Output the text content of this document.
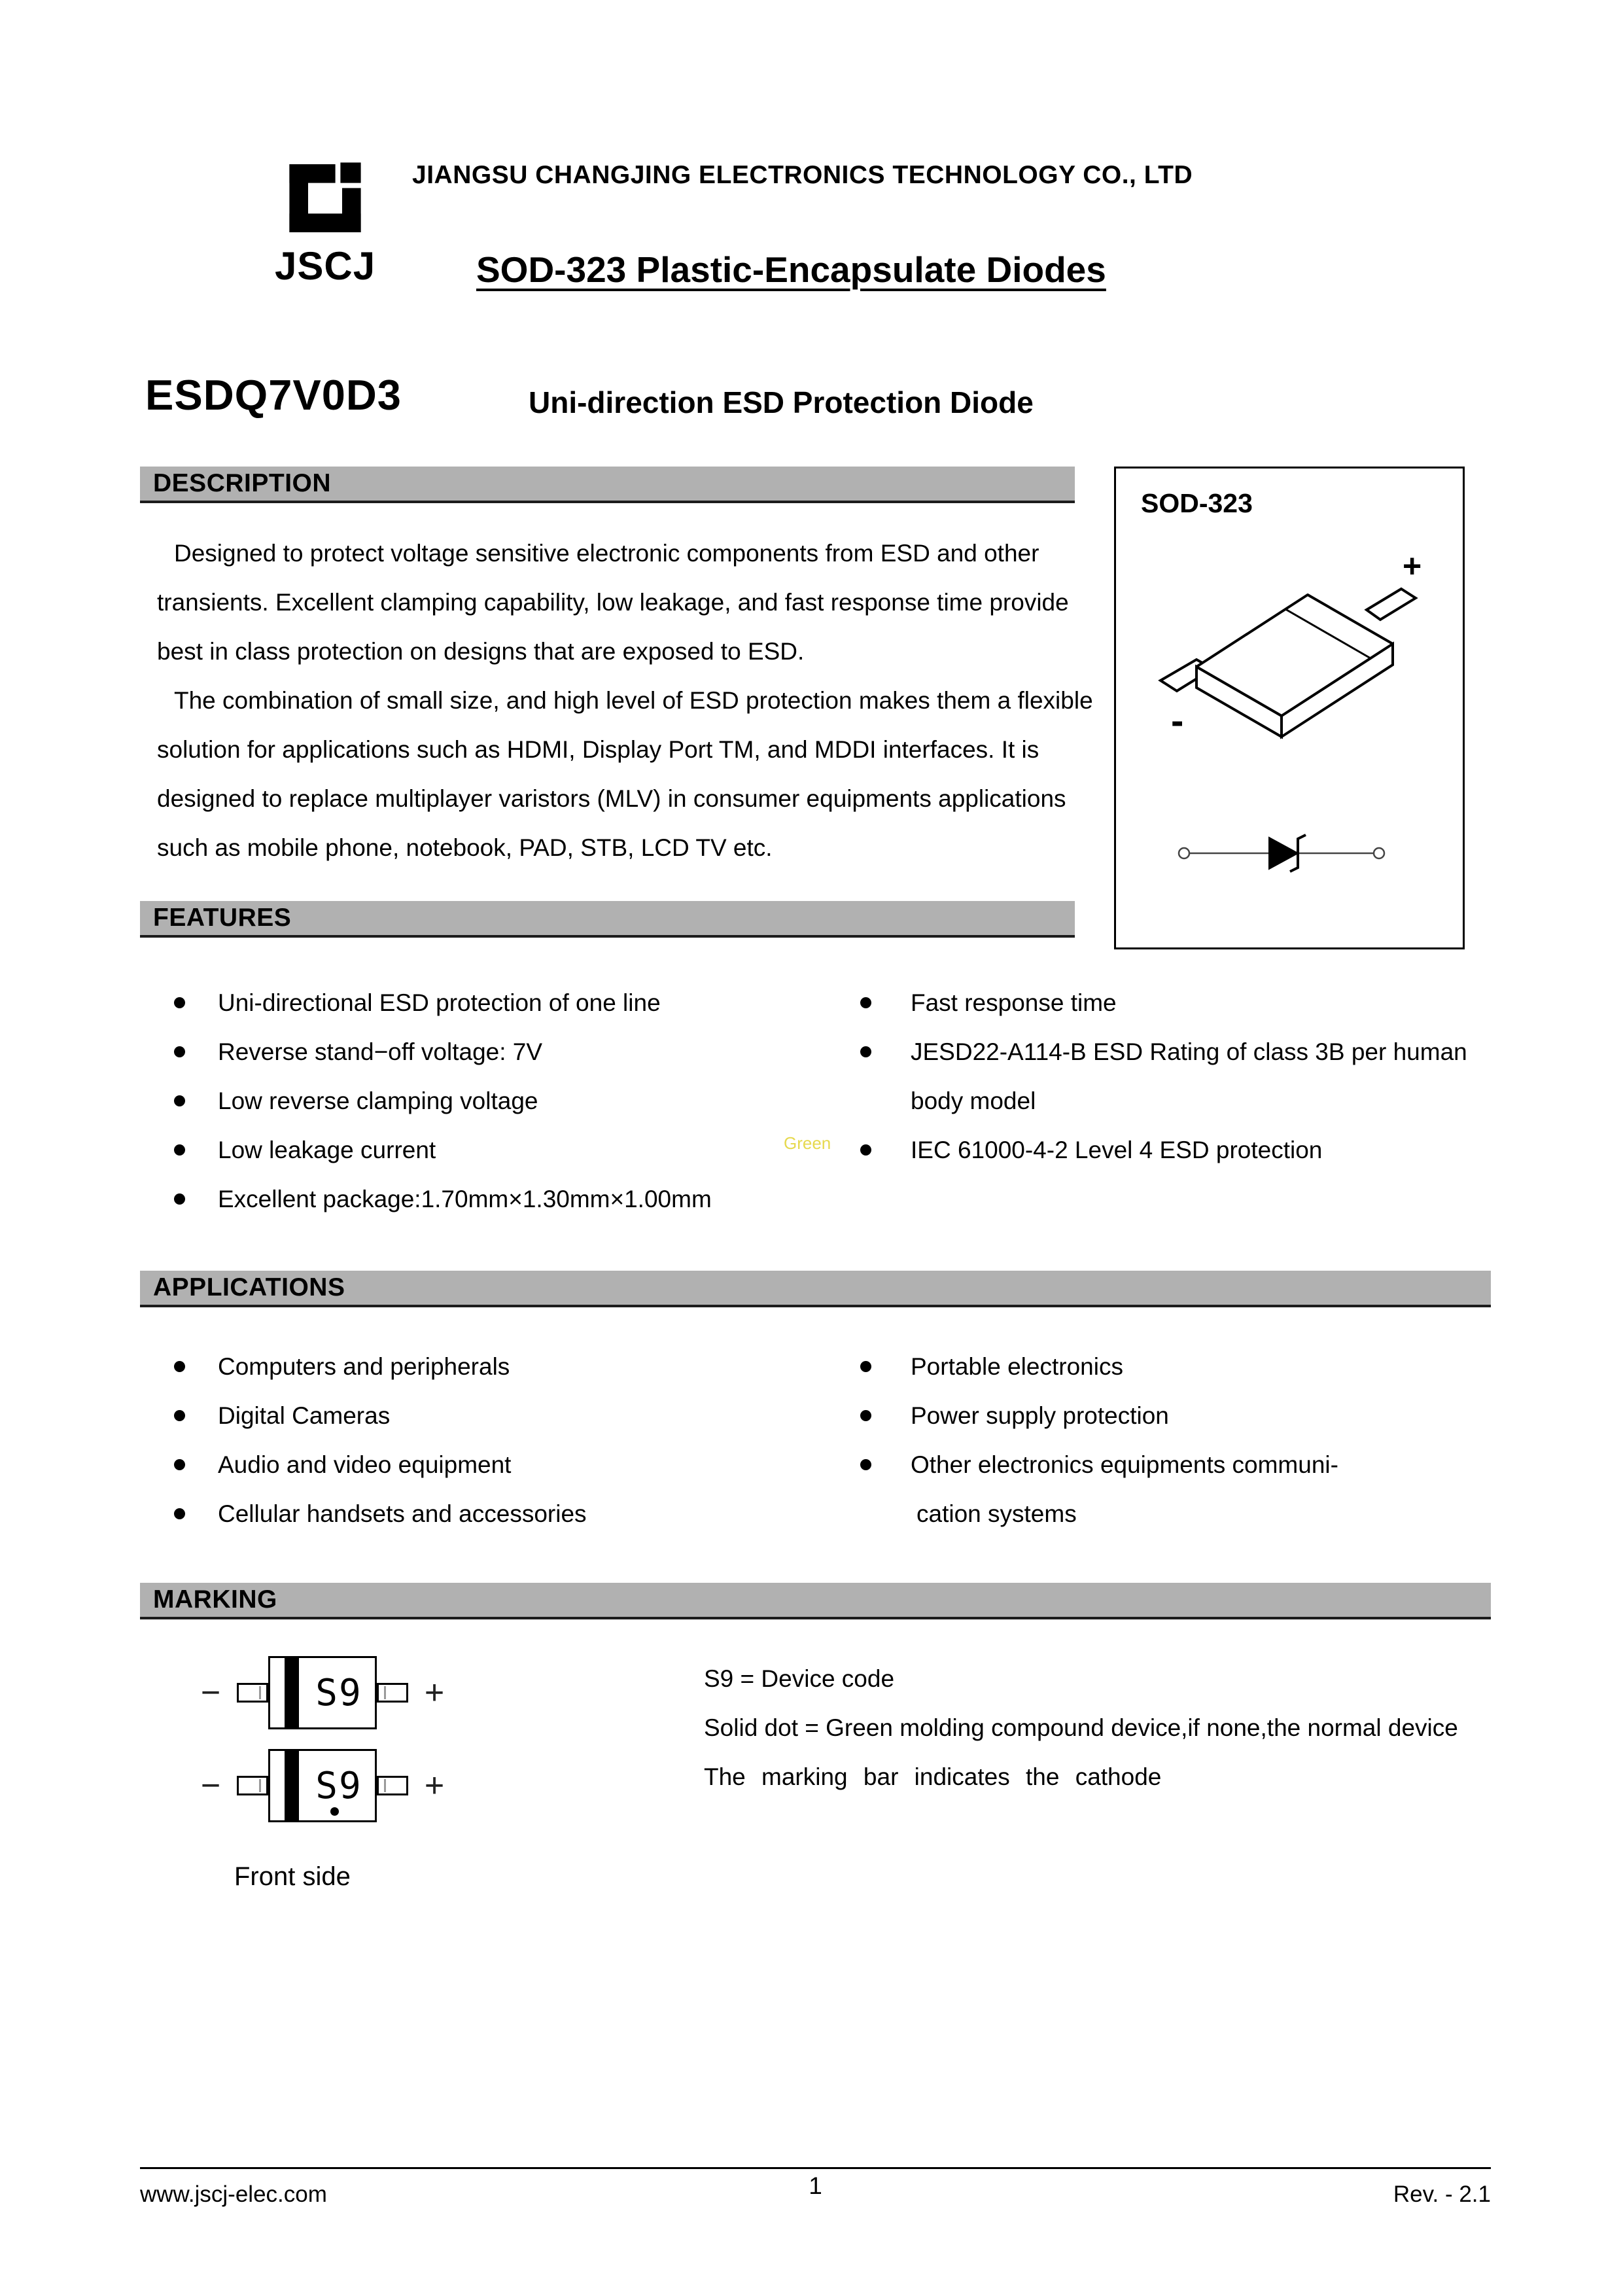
JSCJ
JIANGSU CHANGJING ELECTRONICS TECHNOLOGY CO., LTD
SOD-323 Plastic-Encapsulate Diodes
ESDQ7V0D3	Uni-direction ESD Protection Diode
DESCRIPTION

Designed to protect voltage sensitive electronic components from ESD and other transients. Excellent clamping capability, low leakage, and fast response time provide best in class protection on designs that are exposed to ESD.

The combination of small size, and high level of ESD protection makes them a flexible solution for applications such as HDMI, Display Port TM, and MDDI interfaces. It is designed to replace multiplayer varistors (MLV) in consumer equipments applications such as mobile phone, notebook, PAD, STB, LCD TV etc.

SOD-323
+
-
FEATURES
Uni-directional ESD protection of one line
Reverse stand−off voltage: 7V
Low reverse clamping voltage
Low leakage current
Excellent package:1.70mm×1.30mm×1.00mm
Fast response time
JESD22-A114-B ESD Rating of class 3B per human
body model
IEC 61000-4-2 Level 4 ESD protection
Green
APPLICATIONS
Computers and peripherals
Digital Cameras
Audio and video equipment
Cellular handsets and accessories
Portable electronics
Power supply protection
Other electronics equipments communi-
cation systems
MARKING
−	S9	+
−	S9	+
Front side
S9 = Device code
Solid dot = Green molding compound device,if none,the normal device
The marking bar indicates the cathode
1
www.jscj-elec.com	Rev. - 2.1
